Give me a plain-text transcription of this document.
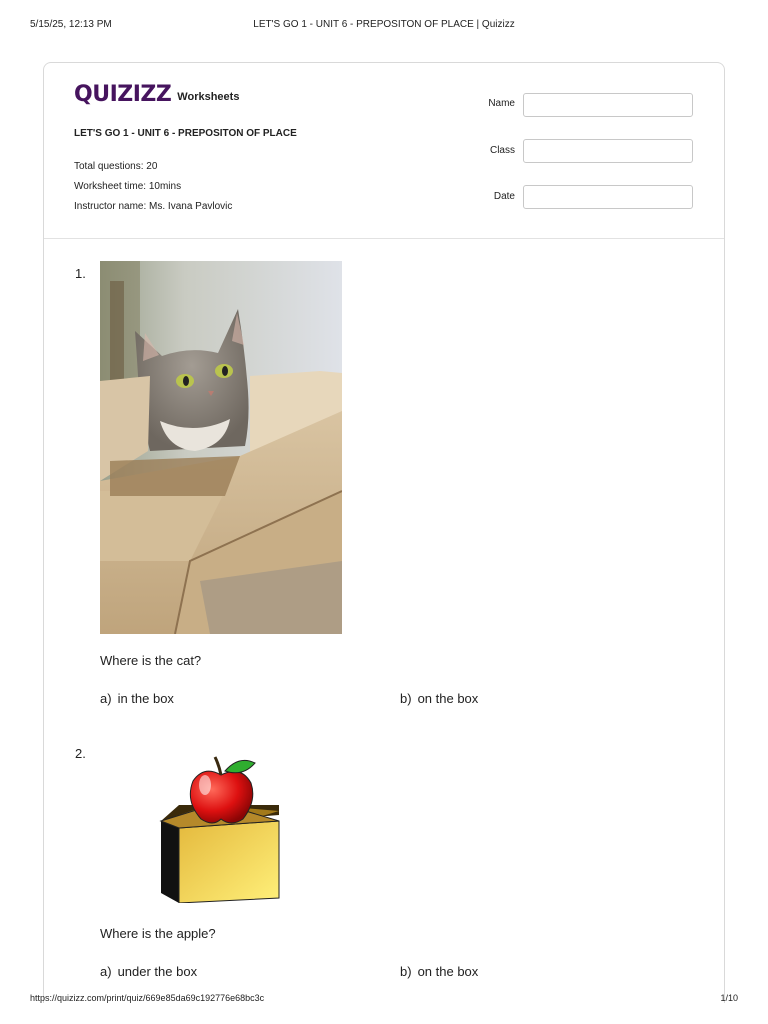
5/15/25, 12:13 PM	LET'S GO 1 - UNIT 6 - PREPOSITON OF PLACE | Quizizz
QUIZIZZ Worksheets
LET'S GO 1 - UNIT 6 - PREPOSITON OF PLACE
Total questions: 20
Worksheet time: 10mins
Instructor name: Ms. Ivana Pavlovic
Name
Class
Date
1.
Where is the cat?
a) in the box	b) on the box
2.
Where is the apple?
a) under the box	b) on the box
https://quizizz.com/print/quiz/669e85da69c192776e68bc3c	1/10
